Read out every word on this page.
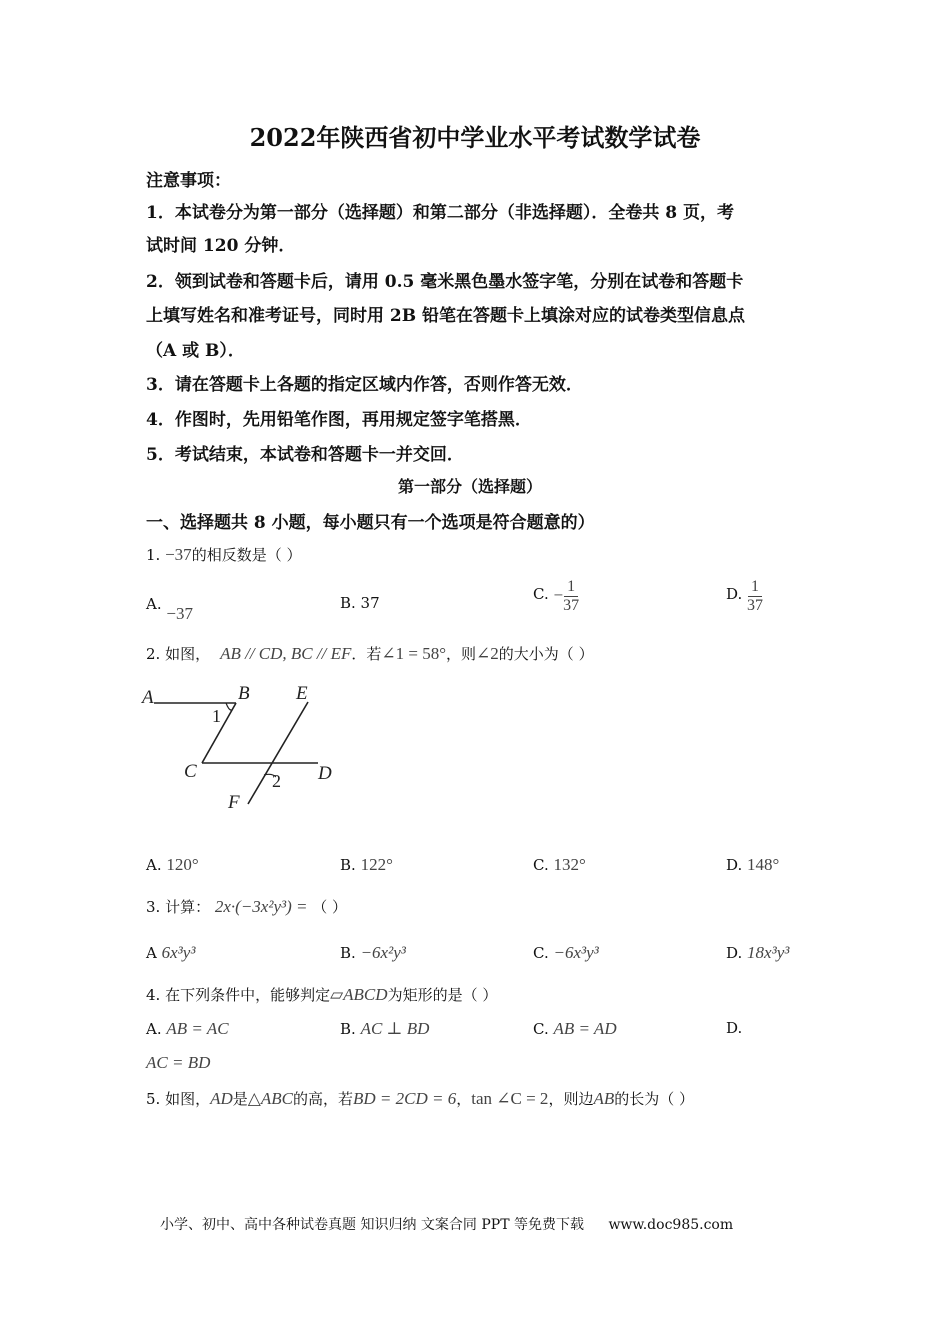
2022年陕西省初中学业水平考试数学试卷
注意事项：
1．本试卷分为第一部分（选择题）和第二部分（非选择题）．全卷共 8 页，考
试时间 120 分钟．
2．领到试卷和答题卡后，请用 0.5 毫米黑色墨水签字笔，分别在试卷和答题卡
上填写姓名和准考证号，同时用 2B 铅笔在答题卡上填涂对应的试卷类型信息点
（A 或 B）．
3．请在答题卡上各题的指定区域内作答，否则作答无效．
4．作图时，先用铅笔作图，再用规定签字笔搭黑．
5．考试结束，本试卷和答题卡一并交回．
第一部分（选择题）
一、选择题共 8 小题，每小题只有一个选项是符合题意的）
1. −37的相反数是（ ）
A. −37
B. 37
C. − $\frac{1}{37}$	D. $\frac{1}{37}$
2. 如图， AB // CD, BC // EF．若∠1 = 58°，则∠2的大小为（ ）
A	B E
C	D
F
1
2
A. 120°	B. 122°	C. 132°	D. 148°
3. 计算： 2x·(−3x²y³) = （ ）
A 6x³y³	B. −6x²y³	C. −6x³y³	D. 18x³y³
4. 在下列条件中，能够判定▱ABCD为矩形的是（ ）
A. AB = AC	B. AC ⊥ BD	C. AB = AD	D.
AC = BD
5. 如图，AD是△ABC的高，若BD = 2CD = 6，tan ∠C = 2，则边AB的长为（ ）
小学、初中、高中各种试卷真题 知识归纳 文案合同 PPT 等免费下载 www.doc985.com
